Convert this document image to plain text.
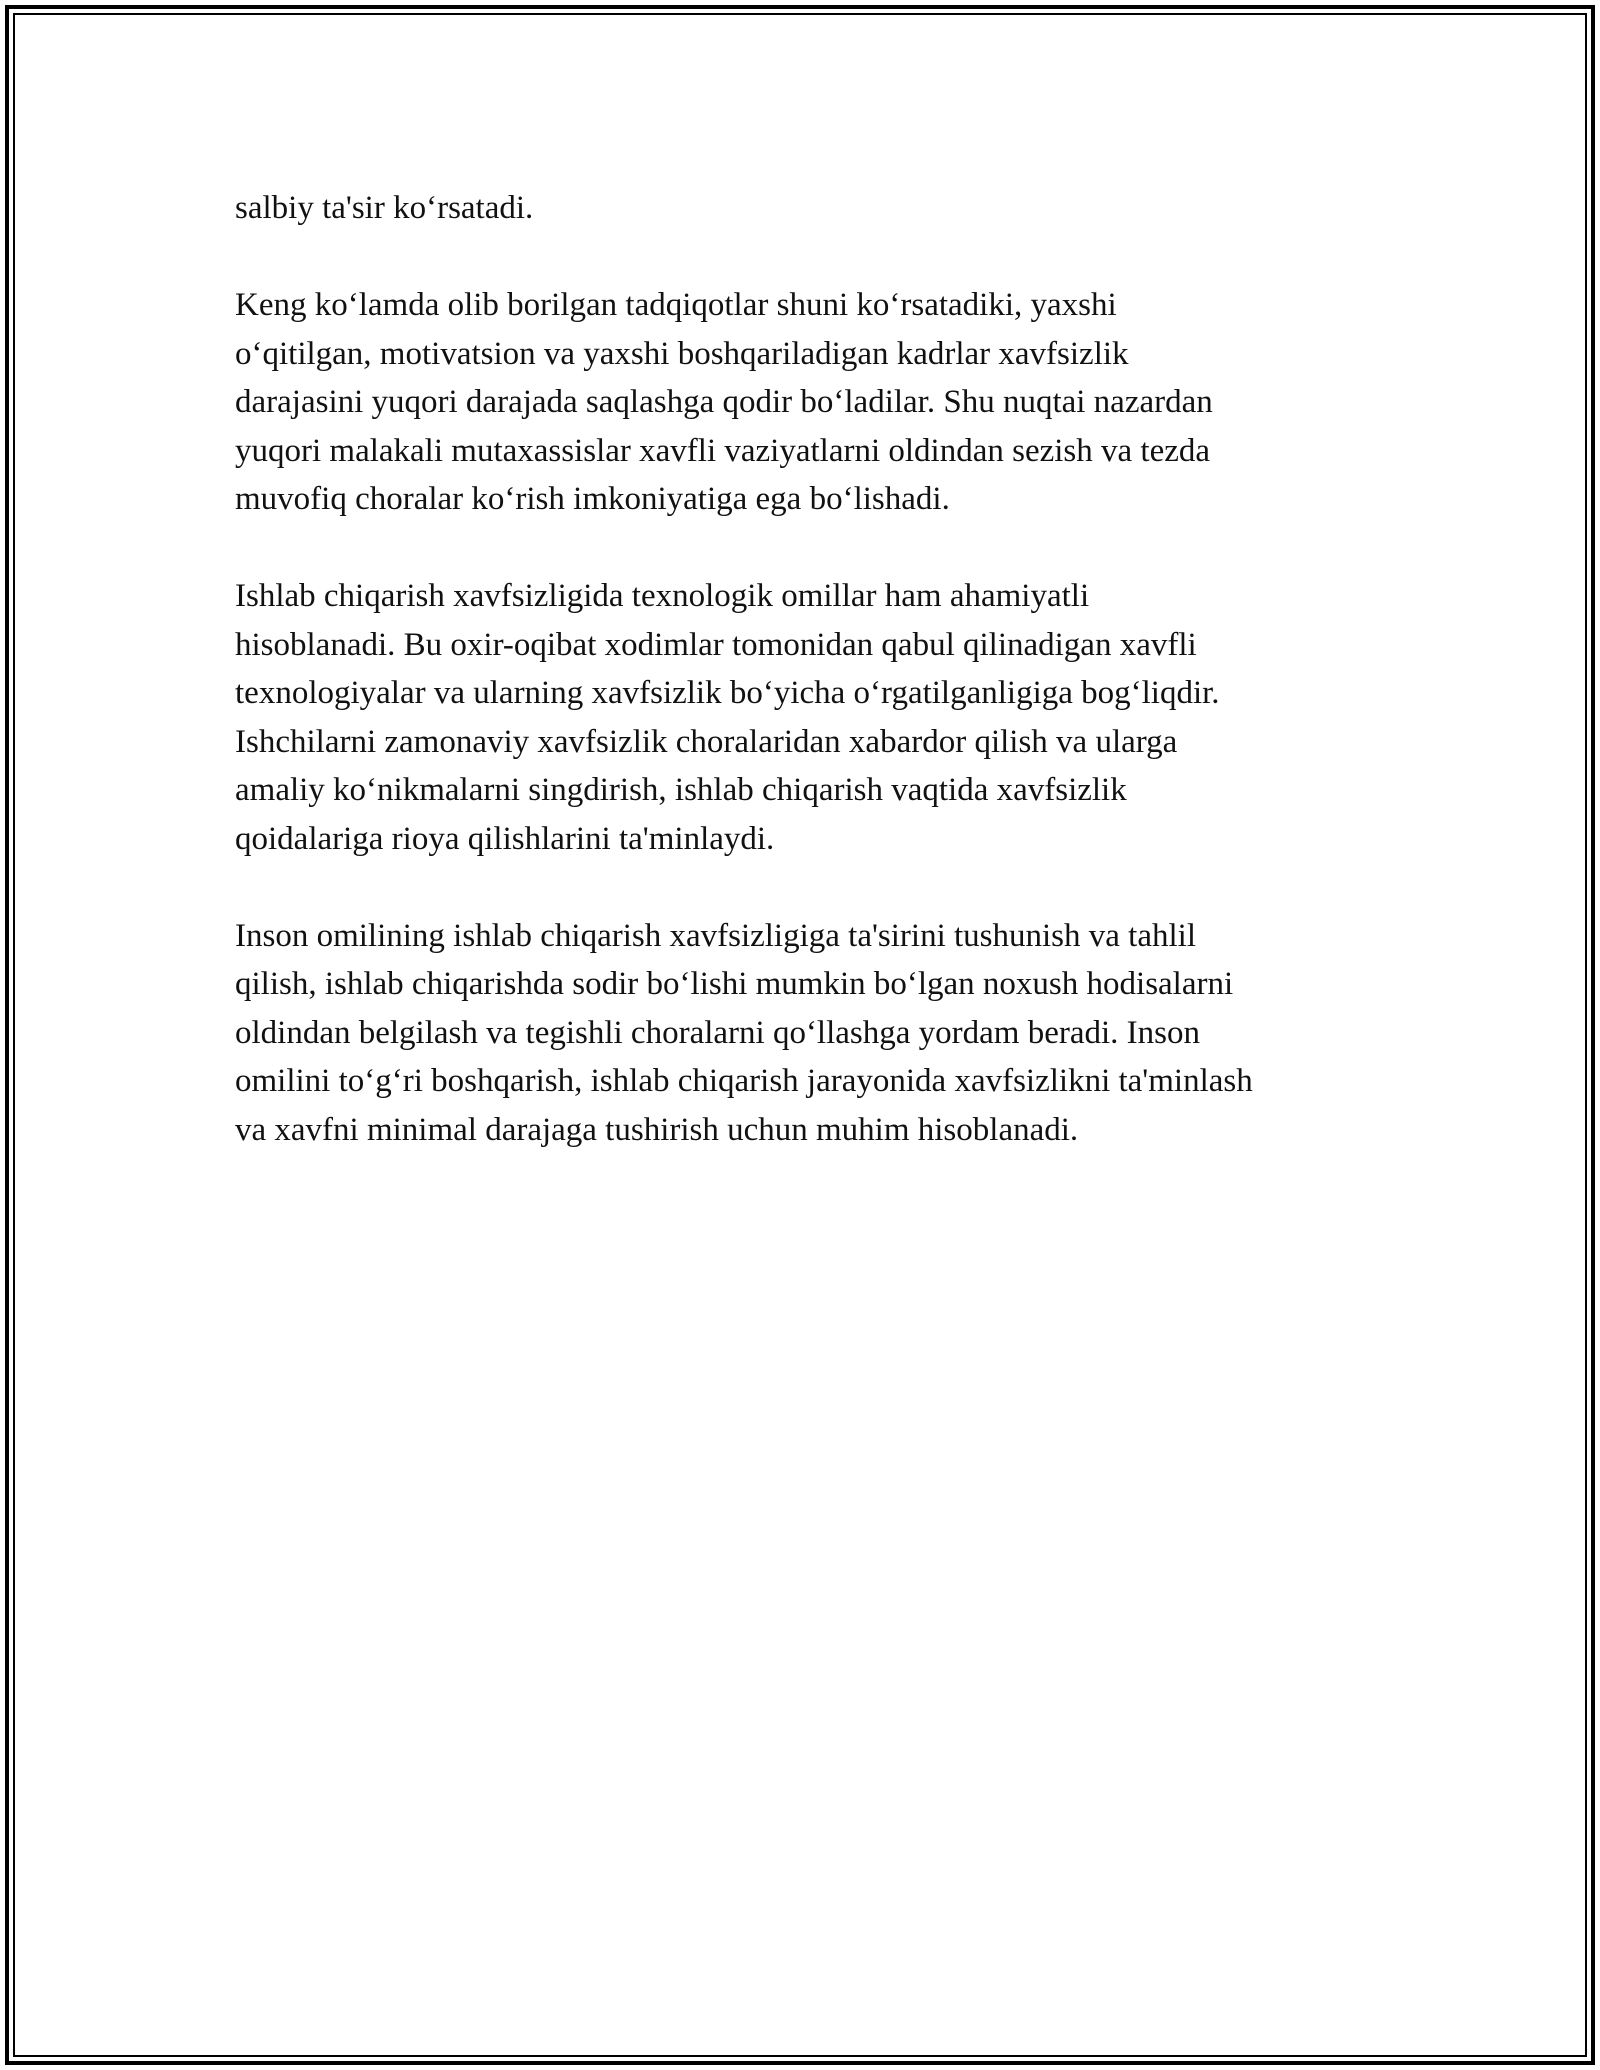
salbiy ta'sir ko‘rsatadi.

Keng ko‘lamda olib borilgan tadqiqotlar shuni ko‘rsatadiki, yaxshi
o‘qitilgan, motivatsion va yaxshi boshqariladigan kadrlar xavfsizlik
darajasini yuqori darajada saqlashga qodir bo‘ladilar. Shu nuqtai nazardan
yuqori malakali mutaxassislar xavfli vaziyatlarni oldindan sezish va tezda
muvofiq choralar ko‘rish imkoniyatiga ega bo‘lishadi.

Ishlab chiqarish xavfsizligida texnologik omillar ham ahamiyatli
hisoblanadi. Bu oxir-oqibat xodimlar tomonidan qabul qilinadigan xavfli
texnologiyalar va ularning xavfsizlik bo‘yicha o‘rgatilganligiga bog‘liqdir.
Ishchilarni zamonaviy xavfsizlik choralaridan xabardor qilish va ularga
amaliy ko‘nikmalarni singdirish, ishlab chiqarish vaqtida xavfsizlik
qoidalariga rioya qilishlarini ta'minlaydi.

Inson omilining ishlab chiqarish xavfsizligiga ta'sirini tushunish va tahlil
qilish, ishlab chiqarishda sodir bo‘lishi mumkin bo‘lgan noxush hodisalarni
oldindan belgilash va tegishli choralarni qo‘llashga yordam beradi. Inson
omilini to‘g‘ri boshqarish, ishlab chiqarish jarayonida xavfsizlikni ta'minlash
va xavfni minimal darajaga tushirish uchun muhim hisoblanadi.
